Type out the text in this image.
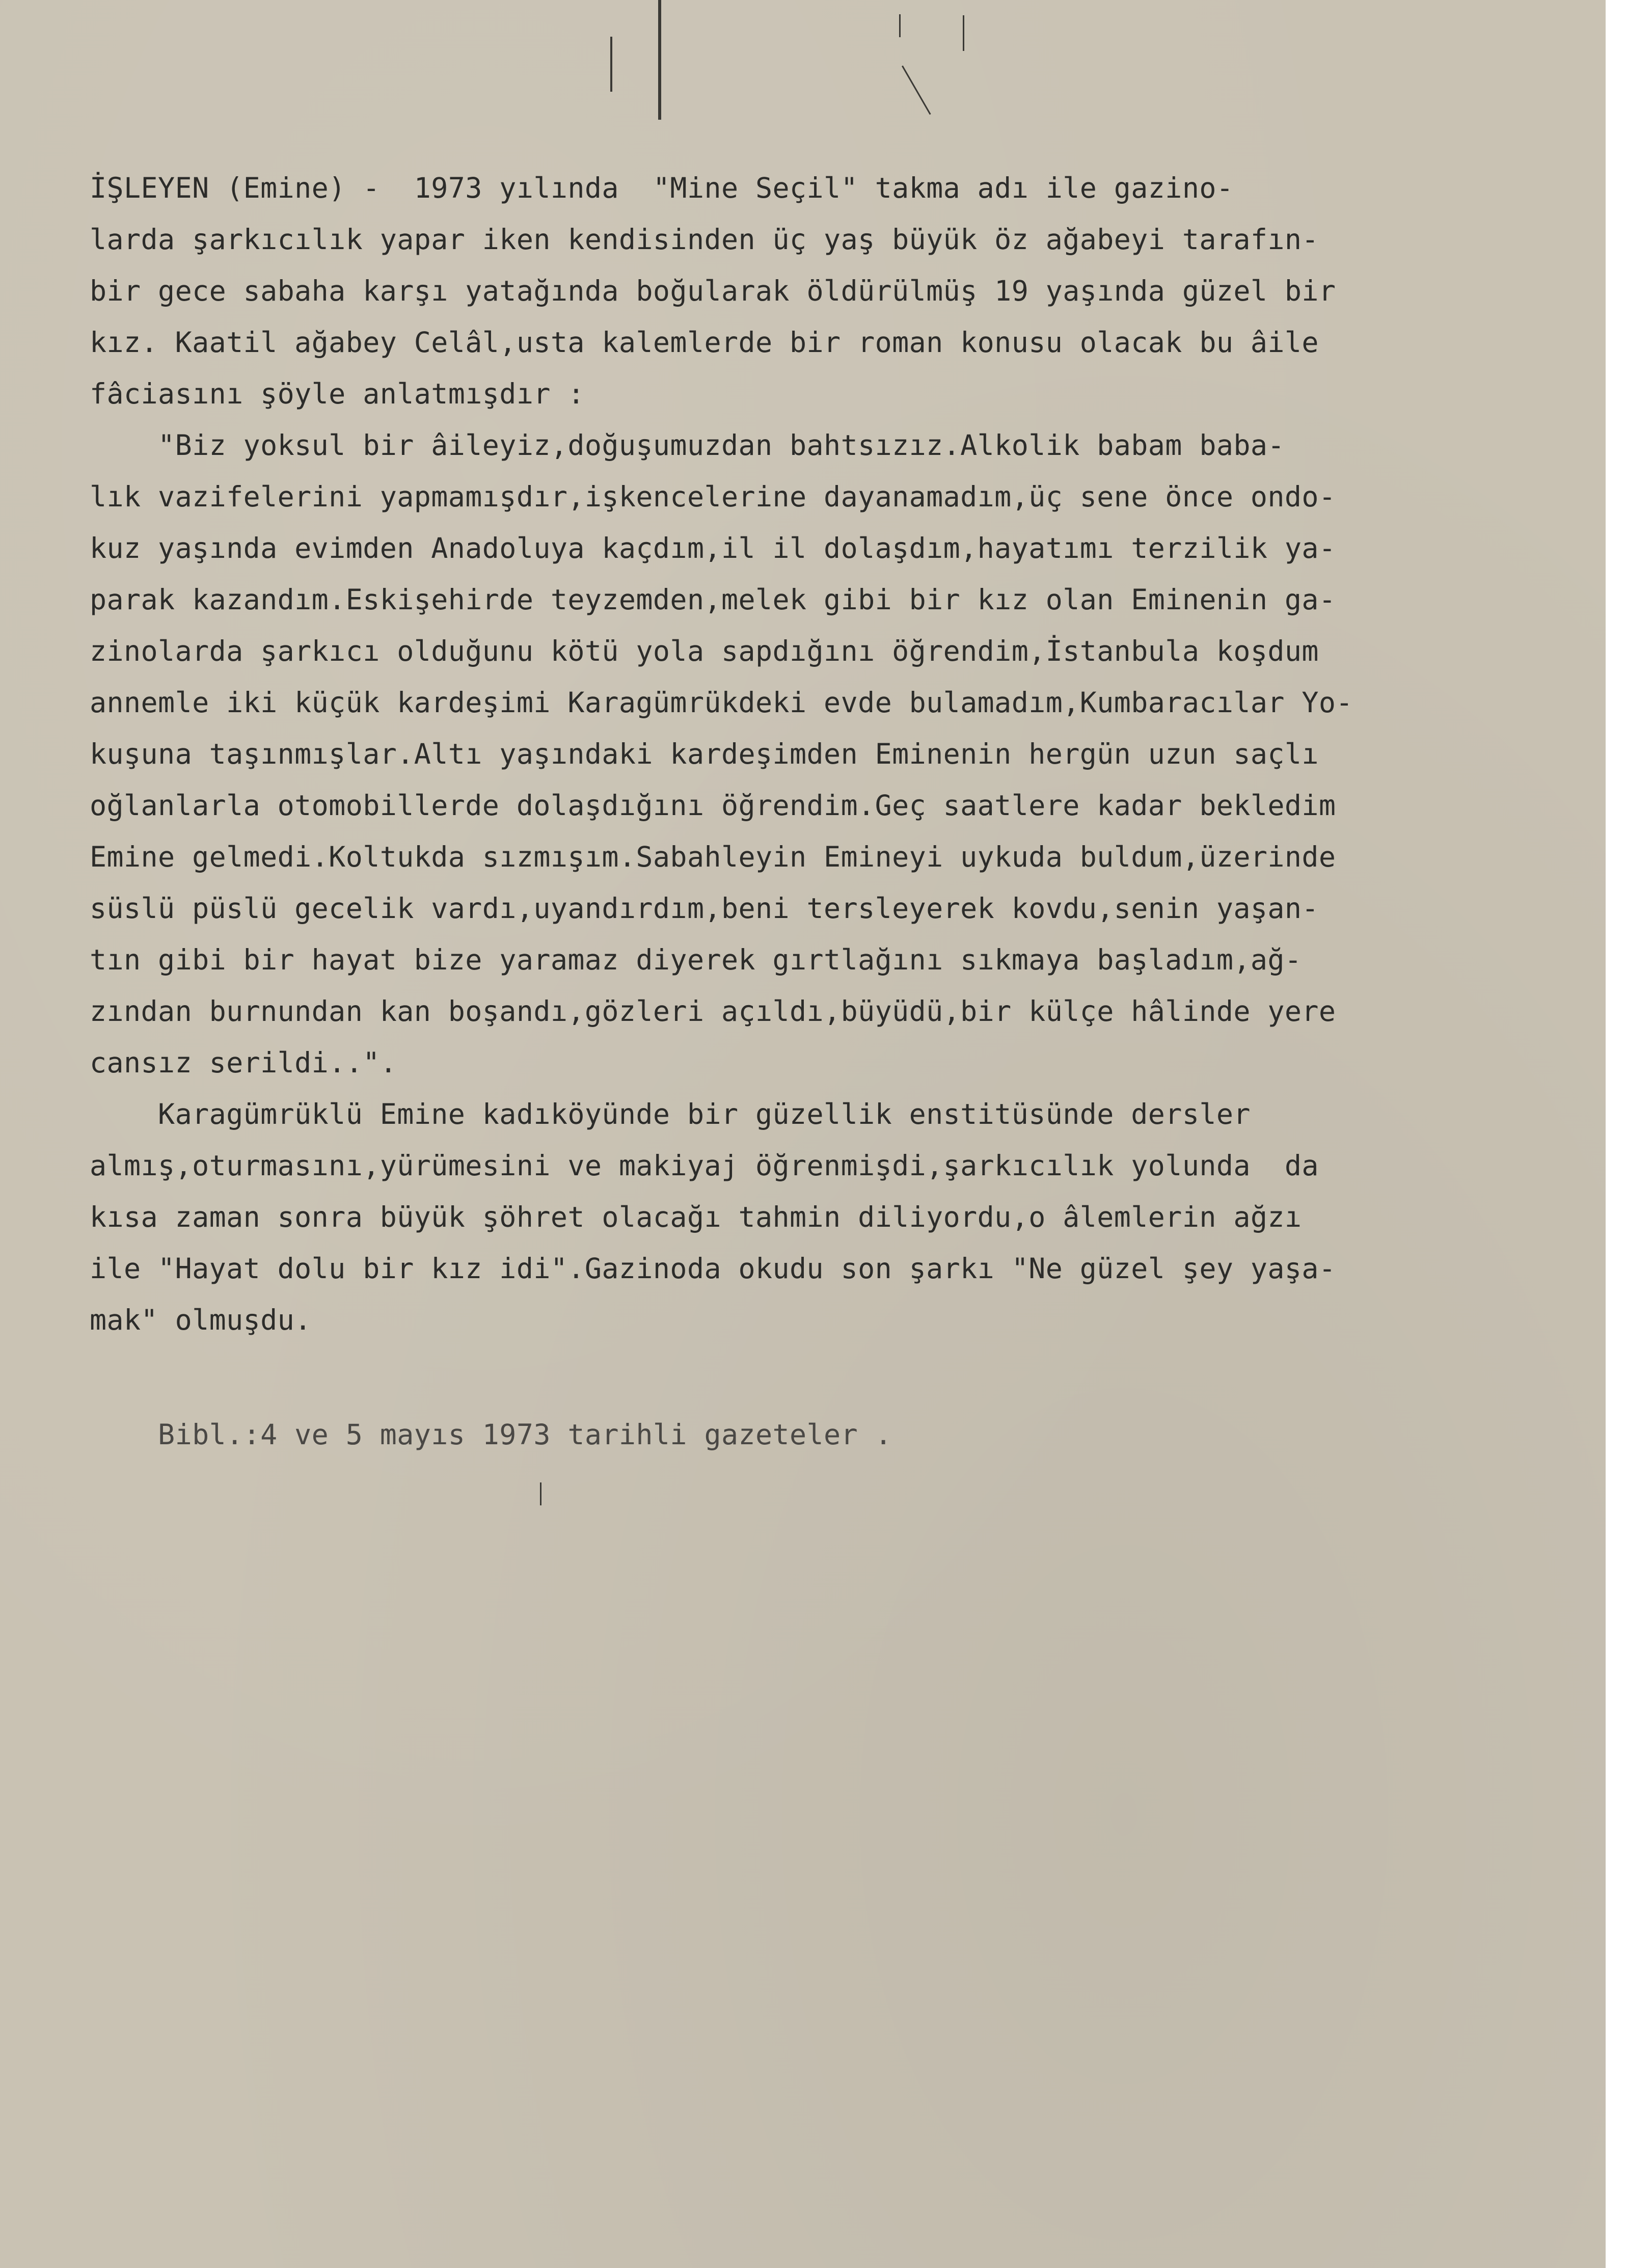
İŞLEYEN (Emine) -  1973 yılında  "Mine Seçil" takma adı ile gazino-
larda şarkıcılık yapar iken kendisinden üç yaş büyük öz ağabeyi tarafın-
bir gece sabaha karşı yatağında boğularak öldürülmüş 19 yaşında güzel bir
kız. Kaatil ağabey Celâl,usta kalemlerde bir roman konusu olacak bu âile
fâciasını şöyle anlatmışdır :
"Biz yoksul bir âileyiz,doğuşumuzdan bahtsızız.Alkolik babam baba-
lık vazifelerini yapmamışdır,işkencelerine dayanamadım,üç sene önce ondo-
kuz yaşında evimden Anadoluya kaçdım,il il dolaşdım,hayatımı terzilik ya-
parak kazandım.Eskişehirde teyzemden,melek gibi bir kız olan Eminenin ga-
zinolarda şarkıcı olduğunu kötü yola sapdığını öğrendim,İstanbula koşdum
annemle iki küçük kardeşimi Karagümrükdeki evde bulamadım,Kumbaracılar Yo-
kuşuna taşınmışlar.Altı yaşındaki kardeşimden Eminenin hergün uzun saçlı
oğlanlarla otomobillerde dolaşdığını öğrendim.Geç saatlere kadar bekledim
Emine gelmedi.Koltukda sızmışım.Sabahleyin Emineyi uykuda buldum,üzerinde
süslü püslü gecelik vardı,uyandırdım,beni tersleyerek kovdu,senin yaşan-
tın gibi bir hayat bize yaramaz diyerek gırtlağını sıkmaya başladım,ağ-
zından burnundan kan boşandı,gözleri açıldı,büyüdü,bir külçe hâlinde yere
cansız serildi..".
Karagümrüklü Emine kadıköyünde bir güzellik enstitüsünde dersler
almış,oturmasını,yürümesini ve makiyaj öğrenmişdi,şarkıcılık yolunda  da
kısa zaman sonra büyük şöhret olacağı tahmin diliyordu,o âlemlerin ağzı
ile "Hayat dolu bir kız idi".Gazinoda okudu son şarkı "Ne güzel şey yaşa-
mak" olmuşdu.
Bibl.:4 ve 5 mayıs 1973 tarihli gazeteler .
